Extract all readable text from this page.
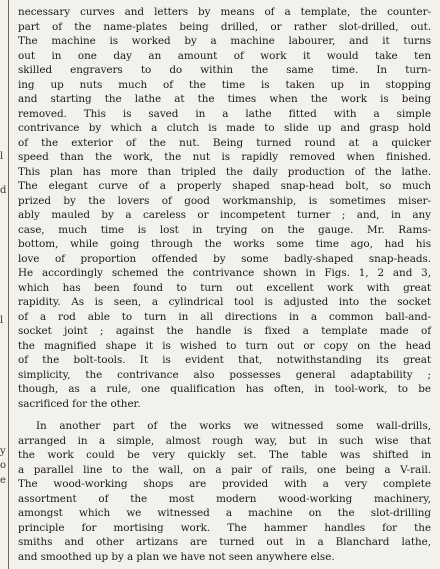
l
d
l
y
o
e

necessary curves and letters by means of a template, the counter-
part of the name-plates being drilled, or rather slot-drilled, out.
The machine is worked by a machine labourer, and it turns
out in one day an amount of work it would take ten
skilled engravers to do within the same time. In turn-
ing up nuts much of the time is taken up in stopping
and starting the lathe at the times when the work is being
removed. This is saved in a lathe fitted with a simple
contrivance by which a clutch is made to slide up and grasp hold
of the exterior of the nut. Being turned round at a quicker
speed than the work, the nut is rapidly removed when finished.
This plan has more than tripled the daily production of the lathe.
The elegant curve of a properly shaped snap-head bolt, so much
prized by the lovers of good workmanship, is sometimes miser-
ably mauled by a careless or incompetent turner ; and, in any
case, much time is lost in trying on the gauge. Mr. Rams-
bottom, while going through the works some time ago, had his
love of proportion offended by some badly-shaped snap-heads.
He accordingly schemed the contrivance shown in Figs. 1, 2 and 3,
which has been found to turn out excellent work with great
rapidity. As is seen, a cylindrical tool is adjusted into the socket
of a rod able to turn in all directions in a common ball-and-
socket joint ; against the handle is fixed a template made of
the magnified shape it is wished to turn out or copy on the head
of the bolt-tools. It is evident that, notwithstanding its great
simplicity, the contrivance also possesses general adaptability ;
though, as a rule, one qualification has often, in tool-work, to be
sacrificed for the other.

In another part of the works we witnessed some wall-drills,
arranged in a simple, almost rough way, but in such wise that
the work could be very quickly set. The table was shifted in
a parallel line to the wall, on a pair of rails, one being a V-rail.
The wood-working shops are provided with a very complete
assortment of the most modern wood-working machinery,
amongst which we witnessed a machine on the slot-drilling
principle for mortising work. The hammer handles for the
smiths and other artizans are turned out in a Blanchard lathe,
and smoothed up by a plan we have not seen anywhere else.
